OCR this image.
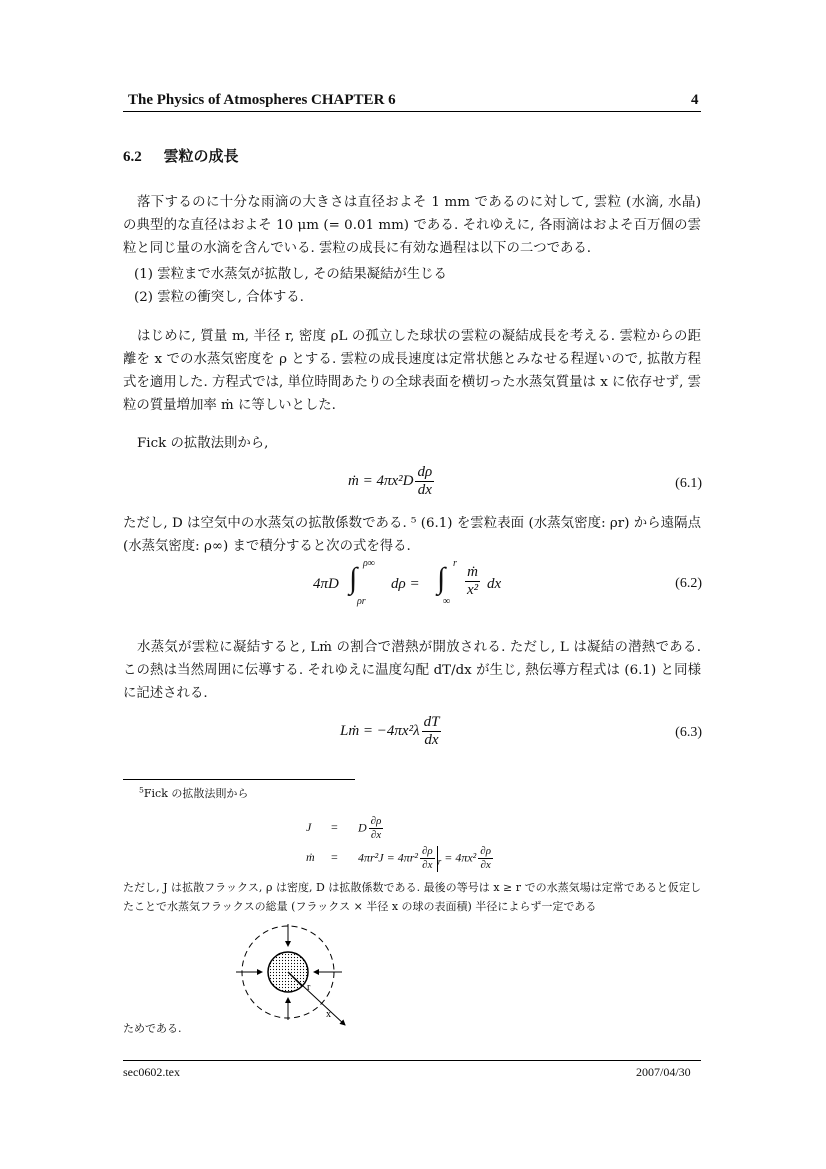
The Physics of Atmospheres CHAPTER 6	4
6.2 雲粒の成長

落下するのに十分な雨滴の大きさは直径およそ 1 mm であるのに対して, 雲粒 (水滴, 水晶) の典型的な直径はおよそ 10 μm (= 0.01 mm) である. それゆえに, 各雨滴はおよそ百万個の雲粒と同じ量の水滴を含んでいる. 雲粒の成長に有効な過程は以下の二つである.

(1) 雲粒まで水蒸気が拡散し, その結果凝結が生じる
(2) 雲粒の衝突し, 合体する.

はじめに, 質量 m, 半径 r, 密度 ρL の孤立した球状の雲粒の凝結成長を考える. 雲粒からの距離を x での水蒸気密度を ρ とする. 雲粒の成長速度は定常状態とみなせる程遅いので, 拡散方程式を適用した. 方程式では, 単位時間あたりの全球表面を横切った水蒸気質量は x に依存せず, 雲粒の質量増加率 ṁ に等しいとした.

Fick の拡散法則から,

ṁ = $4\pi x^2D \frac{d\rho}{dx}$	(6.1)

ただし, D は空気中の水蒸気の拡散係数である. ⁵ (6.1) を雲粒表面 (水蒸気密度: ρr) から遠隔点 (水蒸気密度: ρ∞) まで積分すると次の式を得る.

4πD ∫ ρ∞
ρr
dρ = ∫ r
∞
$\frac{\text{ṁ}}{\text{x²}}$ dx	(6.2)

水蒸気が雲粒に凝結すると, Lṁ の割合で潜熱が開放される. ただし, L は凝結の潜熱である. この熱は当然周囲に伝導する. それゆえに温度勾配 dT/dx が生じ, 熱伝導方程式は (6.1) と同様に記述される.

Lṁ = $-4\pi x^2\lambda \frac{dT}{dx}$	(6.3)
$^5$Fick の拡散法則から
J = D $\frac{\partial\rho}{\partial x}$
ṁ = $4\pi r^2J = 4\pi r^2 \frac{\partial\rho}{\partial x} _r = 4\pi x^2 \frac{\partial\rho}{\partial x}$
ただし, J は拡散フラックス, ρ は密度, D は拡散係数である. 最後の等号は x ≥ r での水蒸気場は定常であると仮定したことで水蒸気フラックスの総量 (フラックス × 半径 x の球の表面積) 半径によらず一定である
r
x
ためである.
sec0602.tex	2007/04/30
